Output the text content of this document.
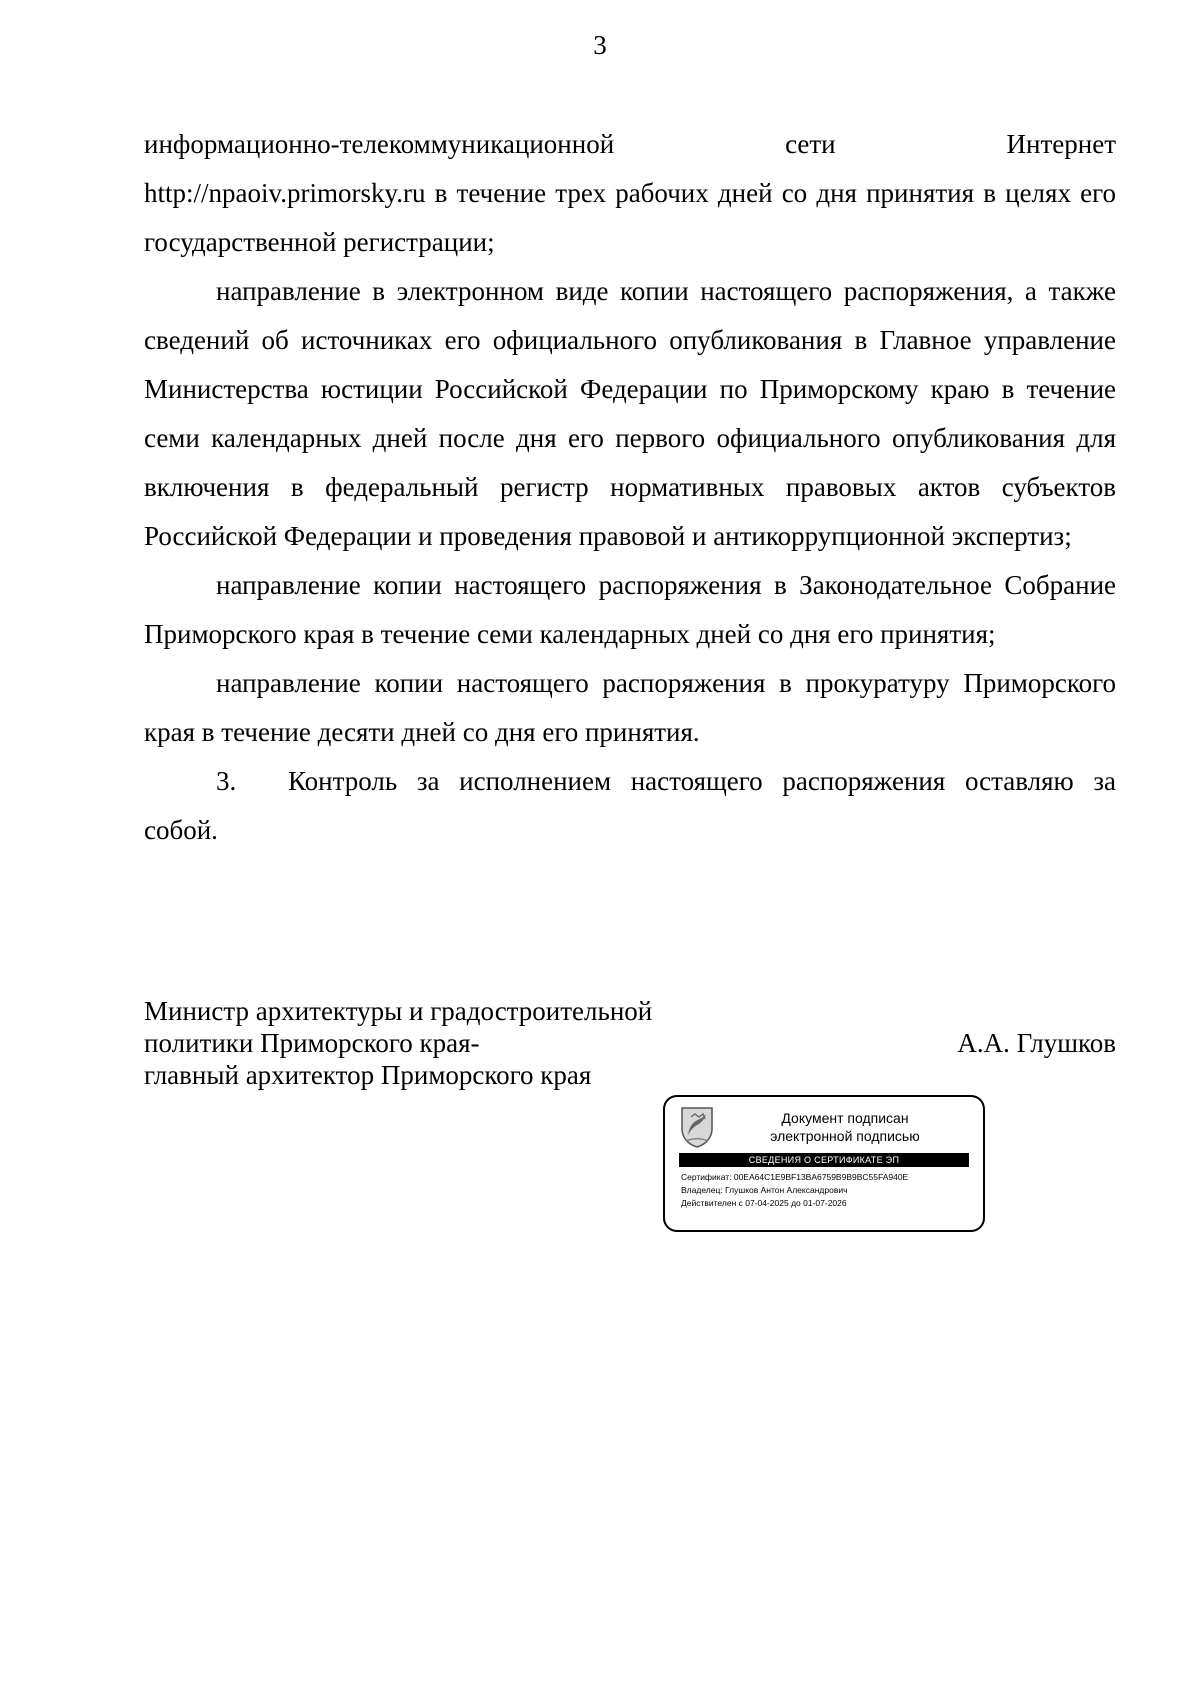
3

информационно-телекоммуникационной	сети	Интернет

http://npaoiv.primorsky.ru в течение трех рабочих дней со дня принятия в целях его государственной регистрации;

направление в электронном виде копии настоящего распоряжения, а также сведений об источниках его официального опубликования в Главное управление Министерства юстиции Российской Федерации по Приморскому краю в течение семи календарных дней после дня его первого официального опубликования для включения в федеральный регистр нормативных правовых актов субъектов Российской Федерации и проведения правовой и антикоррупционной экспертиз;

направление копии настоящего распоряжения в Законодательное Собрание Приморского края в течение семи календарных дней со дня его принятия;

направление копии настоящего распоряжения в прокуратуру Приморского края в течение десяти дней со дня его принятия.

3. Контроль за исполнением настоящего распоряжения оставляю за собой.

Министр архитектуры и градостроительной
политики Приморского края-
главный архитектор Приморского края
А.А. Глушков
Документ подписан
электронной подписью
СВЕДЕНИЯ О СЕРТИФИКАТЕ ЭП
Сертификат: 00EA64C1E9BF13BA6759B9B9BC55FA940E
Владелец: Глушков Антон Александрович
Действителен с 07-04-2025 до 01-07-2026
